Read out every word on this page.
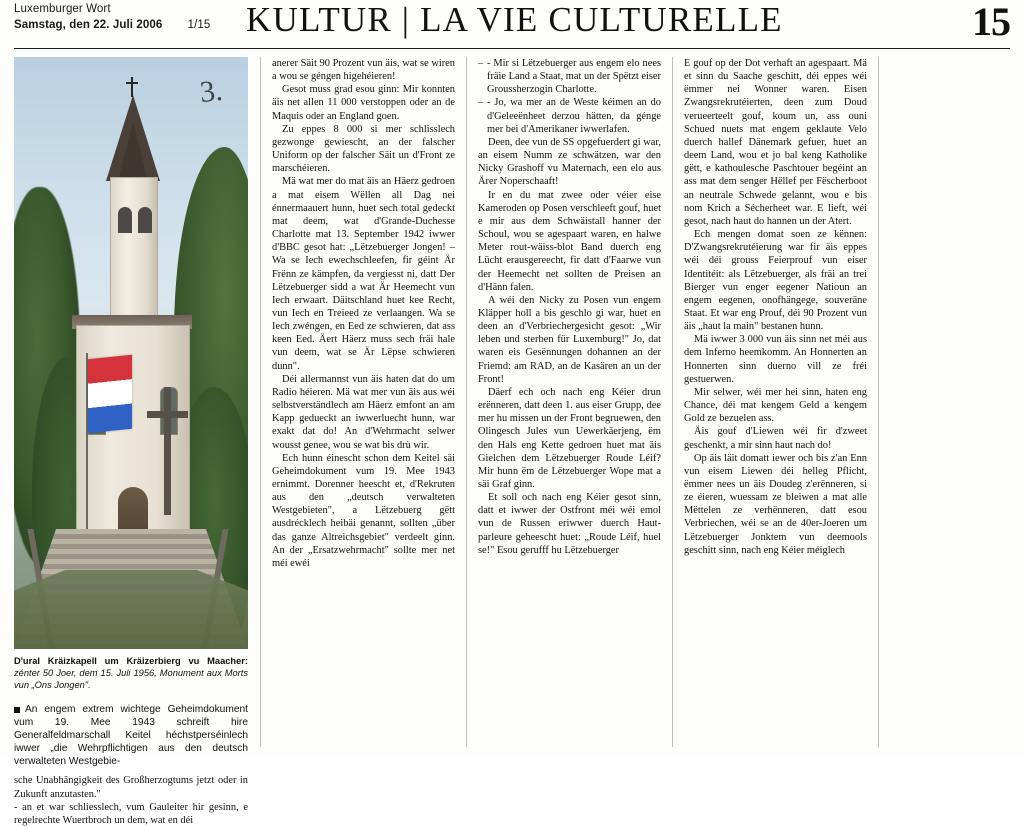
Luxemburger Wort
Samstag, den 22. Juli 2006 1/15 KULTUR | LA VIE CULTURELLE	15
3.
D'ural Kräizkapell um Kräizerbierg vu Maacher: zénter 50 Joer, dem 15. Juli 1956, Monument aux Morts vun „Ons Jongen".
An engem extrem wichtege Geheimdokument vum 19. Mee 1943 schreift hire Generalfeldmarschall Keitel héchstperséinlech iwwer „die Wehrpflichtigen aus den deutsch verwalteten Westgebie-

sche Unabhängigkeit des Großherzogtums jetzt oder in Zukunft anzutasten."

- an et war schliesslech, vum Gauleiter hir gesinn, e regelrechte Wuertbroch un dem, wat en déi

anerer Säit 90 Prozent vun äis, wat se wiren a wou se géngen higehéieren!

Gesot muss grad esou ginn: Mir konnten äis net allen 11 000 verstoppen oder an de Maquis oder an England goen.

Zu eppes 8 000 si mer schlisslech gezwonge gewiescht, an der falscher Uniform op der falscher Säit un d'Front ze marschéieren.

Mä wat mer do mat äis an Häerz gedroen a mat eisem Wëllen all Dag nei énnermaauert hunn, huet sech total gedeckt mat deem, wat d'Grande-Duchesse Charlotte mat 13. September 1942 iwwer d'BBC gesot hat: „Lëtzebuerger Jongen! – Wa se Iech ewechschleefen, fir géint Är Frënn ze kämpfen, da vergiesst ni, datt Der Lëtzebuerger sidd a wat Är Heemecht vun Iech erwaart. Däitschland huet kee Recht, vun Iech en Treieed ze verlaangen. Wa se Iech zwéngen, en Eed ze schwieren, dat ass keen Eed. Äert Häerz muss sech fräi hale vun deem, wat se Är Lëpse schwieren dunn".

Déi allermannst vun äis haten dat do um Radio héieren. Mä wat mer vun äis aus wéi selbstverständlech am Häerz emfont an am Kapp gedueckt an iwwerluecht hunn, war exakt dat do! An d'Wehrmacht selwer wousst genee, wou se wat bis drù wir.

Ech hunn éinescht schon dem Keitel säi Geheimdokument vum 19. Mee 1943 ernimmt. Dorenner heescht et, d'Rekruten aus den „deutsch verwalteten Westgebieten", a Lëtzebuerg gëtt ausdrécklech heibäi genannt, sollten „über das ganze Altreichsgebiet" verdeelt ginn. An der „Ersatzwehrmacht" sollte mer net méi ewéi

– - Mir si Lëtzebuerger aus engem elo nees fräie Land a Staat, mat un der Spëtzt eiser Groussherzogin Charlotte.

– - Jo, wa mer an de Weste kéimen an do d'Geleeënheet derzou hätten, da génge mer bei d'Amerikaner iwwerlafen.

Deen, dee vun de SS opgefuerdert gi war, an eisem Numm ze schwätzen, war den Nicky Grashoff vu Maternach, een elo aus Ärer Noperschaaft!

Ir en du mat zwee oder véier eise Kameroden op Posen verschleeft gouf, huet e mir aus dem Schwäistall hanner der Schoul, wou se agespaart waren, en halwe Meter rout-wäiss-blot Band duerch eng Lücht erausgereecht, fir datt d'Faarwe vun der Heemecht net sollten de Preisen an d'Hänn falen.

A wéi den Nicky zu Posen vun engem Kläpper holl a bis geschlo gi war, huet en deen an d'Verbriechergesicht gesot: „Wir leben und sterben für Luxemburg!" Jo, dat waren eis Gesënnungen dohannen an der Friemd: am RAD, an de Kasären an un der Front!

Däerf ech och nach eng Kéier drun erënneren, datt deen 1. aus eiser Grupp, dee mer hu missen un der Front begruewen, den Olingesch Jules vun Uewerkäerjeng, ëm den Hals eng Kette gedroen huet mat äis Gielchen dem Lëtzebuerger Roude Léif? Mir hunn ëm de Lëtzebuerger Wope mat a säi Graf ginn.

Et soll och nach eng Kéier gesot sinn, datt et iwwer der Ostfront méi wéi emol vun de Russen eriwwer duerch Haut-parleure geheescht huet: „Roude Léif, huel se!" Esou gerufff hu Lëtzebuerger

E gouf op der Dot verhaft an agespaart. Mä et sinn du Saache geschitt, déi eppes wéi ëmmer nei Wonner waren. Eisen Zwangsrekrutéierten, deen zum Doud verueerteelt gouf, koum un, ass ouni Schued nuets mat engem geklaute Velo duerch hallef Dänemark gefuer, huet an deem Land, wou et jo bal keng Katholike gëtt, e kathoulesche Paschtouer begéint an ass mat dem senger Hëllef per Fëscherboot an neutrale Schwede gelannt, wou e bis nom Krich a Sécherheet war. E lieft, wéi gesot, nach haut do hannen un der Atert.

Ech mengen domat soen ze kënnen: D'Zwangsrekrutéierung war fir äis eppes wéi déi grouss Feierprouf vun eiser Identitéit: als Lëtzebuerger, als fräi an trei Bierger vun enger eegener Natioun an engem eegenen, onofhängege, souveräne Staat. Et war eng Prouf, déi 90 Prozent vun äis „haut la main" bestanen hunn.

Mä iwwer 3 000 vun äis sinn net méi aus dem Inferno heemkomm. An Honnerten an Honnerten sinn duerno vill ze fréi gestuerwen.

Mir selwer, wéi mer hei sinn, haten eng Chance, déi mat kengem Geld a kengem Gold ze bezuelen ass.

Äis gouf d'Liewen wéi fir d'zweet geschenkt, a mir sinn haut nach do!

Op äis läit domatt iewer och bis z'an Enn vun eisem Liewen déi helleg Pflicht, ëmmer nees un äis Doudeg z'erënneren, si ze éieren, wuessam ze bleiwen a mat alle Mëttelen ze verhënneren, datt esou Verbriechen, wéi se an de 40er-Joeren um Lëtzebuerger Jonktem vun deemools geschitt sinn, nach eng Kéier méiglech
